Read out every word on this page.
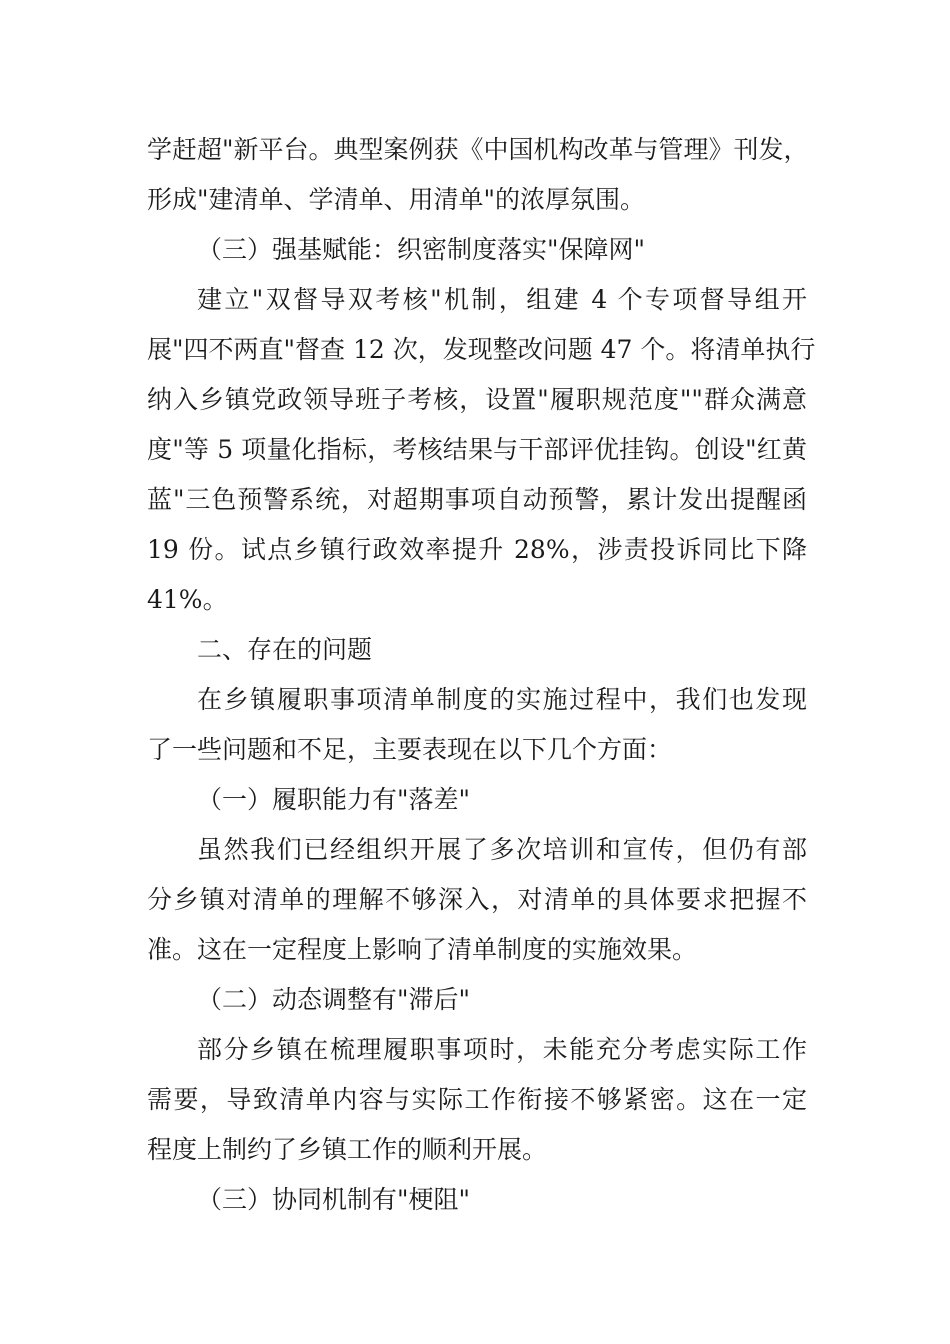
学赶超"新平台。典型案例获《中国机构改革与管理》刊发，

形成"建清单、学清单、用清单"的浓厚氛围。

（三）强基赋能：织密制度落实"保障网"

建立"双督导双考核"机制，组建 4 个专项督导组开

展"四不两直"督查 12 次，发现整改问题 47 个。将清单执行

纳入乡镇党政领导班子考核，设置"履职规范度""群众满意

度"等 5 项量化指标，考核结果与干部评优挂钩。创设"红黄

蓝"三色预警系统，对超期事项自动预警，累计发出提醒函

19 份。试点乡镇行政效率提升 28%，涉责投诉同比下降

41%。

二、存在的问题

在乡镇履职事项清单制度的实施过程中，我们也发现

了一些问题和不足，主要表现在以下几个方面：

（一）履职能力有"落差"

虽然我们已经组织开展了多次培训和宣传，但仍有部

分乡镇对清单的理解不够深入，对清单的具体要求把握不

准。这在一定程度上影响了清单制度的实施效果。

（二）动态调整有"滞后"

部分乡镇在梳理履职事项时，未能充分考虑实际工作

需要，导致清单内容与实际工作衔接不够紧密。这在一定

程度上制约了乡镇工作的顺利开展。

（三）协同机制有"梗阻"
